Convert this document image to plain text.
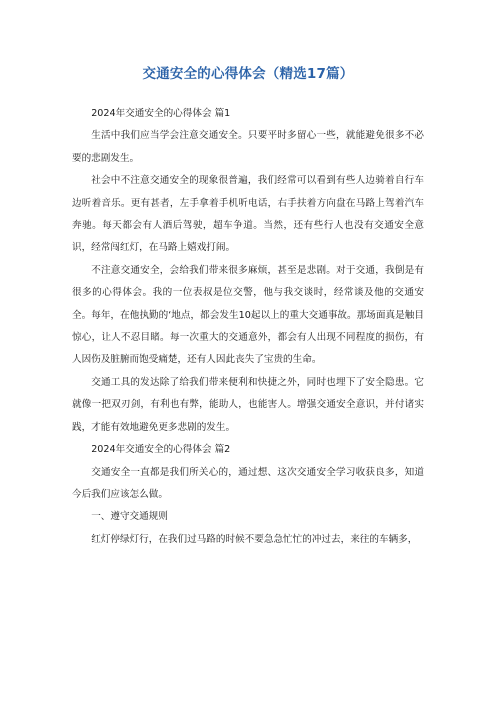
交通安全的心得体会（精选17篇）

2024年交通安全的心得体会 篇1

生活中我们应当学会注意交通安全。只要平时多留心一些，就能避免很多不必要的悲剧发生。

社会中不注意交通安全的现象很普遍，我们经常可以看到有些人边骑着自行车边听着音乐。更有甚者，左手拿着手机听电话，右手扶着方向盘在马路上驾着汽车奔驰。每天都会有人酒后驾驶，超车争道。当然，还有些行人也没有交通安全意识，经常闯红灯，在马路上嬉戏打闹。

不注意交通安全，会给我们带来很多麻烦，甚至是悲剧。对于交通，我倒是有很多的心得体会。我的一位表叔是位交警，他与我交谈时，经常谈及他的交通安全。每年，在他执勤的‘地点，都会发生10起以上的重大交通事故。那场面真是触目惊心，让人不忍目睹。每一次重大的交通意外，都会有人出现不同程度的损伤，有人因伤及脏腑而饱受痛楚，还有人因此丧失了宝贵的生命。

交通工具的发达除了给我们带来便利和快捷之外，同时也埋下了安全隐患。它就像一把双刃剑，有利也有弊，能助人，也能害人。增强交通安全意识，并付诸实践，才能有效地避免更多悲剧的发生。

2024年交通安全的心得体会 篇2

交通安全一直都是我们所关心的，通过想、这次交通安全学习收获良多，知道今后我们应该怎么做。

一、遵守交通规则

红灯停绿灯行，在我们过马路的时候不要急急忙忙的冲过去，来往的车辆多，
